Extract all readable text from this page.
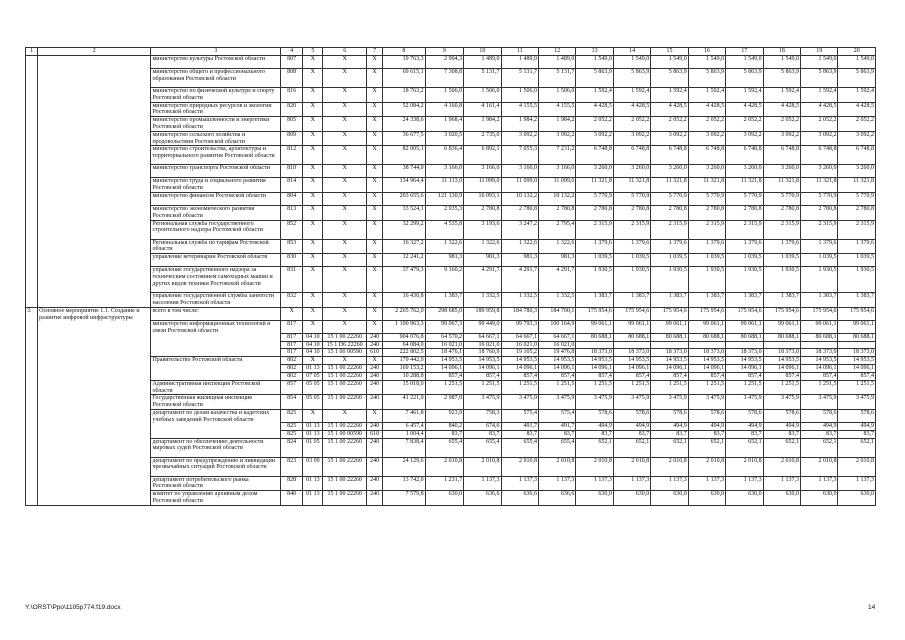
1	2	3	4	5	6	7	8	9	10	11	12	13	14	15	16	17	18	19	20
		министерство культуры Ростовской области	807	X	X	X	19 763,3	2 904,3	1 489,0	1 489,0	1 489,0	1 549,0	1 549,0	1 549,0	1 549,0	1 549,0	1 549,0	1 549,0	1 549,0
		министерство общего и профессионального образования Ростовской области	808	X	X	X	69 615,1	7 308,8	5 131,7	5 131,7	5 131,7	5 863,9	5 863,9	5 863,9	5 863,9	5 863,9	5 863,9	5 863,9	5 863,9
		министерство по физической культуре и спорту Ростовской области	816	X	X	X	18 763,2	1 506,0	1 506,0	1 506,0	1 506,0	1 592,4	1 592,4	1 592,4	1 592,4	1 592,4	1 592,4	1 592,4	1 592,4
		министерство природных ресурсов и экологии Ростовской области	820	X	X	X	52 084,2	4 160,8	4 161,4	4 155,5	4 155,5	4 428,5	4 428,5	4 428,5	4 428,5	4 428,5	4 428,5	4 428,5	4 428,5
		министерство промышленности и энергетики Ростовской области	805	X	X	X	24 338,6	1 968,4	1 984,2	1 984,2	1 984,2	2 052,2	2 052,2	2 052,2	2 052,2	2 052,2	2 052,2	2 052,2	2 052,2
		министерство сельского хозяйства и продовольствия Ростовской области	809	X	X	X	36 677,5	3 020,5	2 735,0	3 092,2	3 092,2	3 092,2	3 092,2	3 092,2	3 092,2	3 092,2	3 092,2	3 092,2	3 092,2
		министерство строительства, архитектуры и территориального развития Ростовской области	812	X	X	X	82 005,1	6 836,4	6 892,1	7 055,3	7 231,2	6 748,8	6 748,8	6 748,8	6 748,8	6 748,8	6 748,8	6 748,8	6 748,8
		министерство транспорта Ростовской области	810	X	X	X	38 744,0	3 166,0	3 166,0	3 166,0	3 166,0	3 260,0	3 260,0	3 260,0	3 260,0	3 260,0	3 260,0	3 260,0	3 260,0
		министерство труда и социального развития Ростовской области	814	X	X	X	134 964,4	11 113,0	11 099,0	11 099,0	11 099,0	11 321,8	11 321,8	11 321,8	11 321,8	11 321,8	11 321,8	11 321,8	11 321,8
		министерство финансов Ростовской области	804	X	X	X	203 655,6	121 130,9	16 093,1	10 132,2	10 132,2	5 770,9	5 770,9	5 770,9	5 770,9	5 770,9	5 770,9	5 770,9	5 770,9
		министерство экономического развития Ростовской области	813	X	X	X	33 524,1	2 935,3	2 780,8	2 780,8	2 780,8	2 780,8	2 780,8	2 780,8	2 780,8	2 780,8	2 780,8	2 780,8	2 780,8
		Региональная служба государственного строительного надзора Ростовской области	852	X	X	X	32 299,2	4 535,8	3 193,6	3 247,2	2 795,4	2 315,9	2 315,9	2 315,9	2 315,9	2 315,9	2 315,9	2 315,9	2 315,9
		Региональная служба по тарифам Ростовской области	853	X	X	X	16 327,2	1 322,6	1 322,6	1 322,6	1 322,6	1 379,6	1 379,6	1 379,6	1 379,6	1 379,6	1 379,6	1 379,6	1 379,6
		управление ветеринарии Ростовской области	830	X	X	X	12 241,2	981,3	981,3	981,3	981,3	1 039,5	1 039,5	1 039,5	1 039,5	1 039,5	1 039,5	1 039,5	1 039,5
		управление государственного надзора за техническим состоянием самоходных машин и других видов техники Ростовской области	831	X	X	X	37 479,3	9 160,2	4 291,7	4 291,7	4 291,7	1 930,5	1 930,5	1 930,5	1 930,5	1 930,5	1 930,5	1 930,5	1 930,5
		управление государственной службы занятости населения Ростовской области	832	X	X	X	16 430,8	1 383,7	1 332,5	1 332,5	1 332,5	1 383,7	1 383,7	1 383,7	1 383,7	1 383,7	1 383,7	1 383,7	1 383,7
3.	Основное мероприятие 1.1. Создание и развитие инфровой инфраструктуры	всего в том числе:	X	X	X	X	2 265 762,0	298 685,0	189 959,8	184 780,3	184 700,1	175 954,6	175 954,6	175 954,6	175 954,6	175 954,6	175 954,6	175 954,6	175 954,6
		министерство информационных технологий и связи Ростовской области	817	X	X	X	1 190 963,3	99 067,3	99 449,0	99 793,3	100 164,9	99 061,1	99 061,1	99 061,1	99 061,1	99 061,1	99 061,1	99 061,1	99 061,1
			817	04 10	15 1 00 22260	240	904 076,8	64 570,2	64 667,1	64 667,1	64 667,1	80 688,1	80 688,1	80 688,1	80 688,1	80 688,1	80 688,1	80 688,1	80 688,1
			817	04 10	15 1 D6 22260	240	64 084,0	16 021,0	16 021,0	16 021,0	16 021,0								
			817	04 10	15 1 00 00590	610	222 802,5	18 476,1	18 760,9	19 105,2	19 476,8	18 373,0	18 373,0	18 373,0	18 373,0	18 373,0	18 373,0	18 373,0	18 373,0
		Правительство Ростовской области	802	X	X	X	179 442,0	14 953,5	14 953,5	14 953,5	14 953,5	14 953,5	14 953,5	14 953,5	14 953,5	14 953,5	14 953,5	14 953,5	14 953,5
			802	01 13	15 1 00 22260	240	169 153,2	14 096,1	14 096,1	14 096,1	14 096,1	14 096,1	14 096,1	14 096,1	14 096,1	14 096,1	14 096,1	14 096,1	14 096,1
			802	07 05	15 1 00 22260	240	10 288,8	857,4	857,4	857,4	857,4	857,4	857,4	857,4	857,4	857,4	857,4	857,4	857,4
		Административная инспекция Ростовской области	857	05 05	15 1 00 22260	240	15 018,0	1 251,5	1 251,5	1 251,5	1 251,5	1 251,5	1 251,5	1 251,5	1 251,5	1 251,5	1 251,5	1 251,5	1 251,5
		Государственная жилищная инспекция Ростовской области	854	05 05	15 1 00 22260	240	41 221,9	2 987,0	3 475,9	3 475,9	3 475,9	3 475,9	3 475,9	3 475,9	3 475,9	3 475,9	3 475,9	3 475,9	3 475,9
		департамент по делам казачества и кадетских учебных заведений Ростовской области	825	X	X	X	7 461,8	923,9	758,3	575,4	575,4	578,6	578,6	578,6	578,6	578,6	578,6	578,6	578,6
			825	01 13	15 1 00 22260	240	6 457,4	840,2	674,6	491,7	491,7	494,9	494,9	494,9	494,9	494,9	494,9	494,9	494,9
			825	01 13	15 1 00 00590	610	1 004,4	83,7	83,7	83,7	83,7	83,7	83,7	83,7	83,7	83,7	83,7	83,7	83,7
		департамент по обеспечению деятельности мировых судей Ростовской области	824	01 05	15 1 00 22260	240	7 838,4	655,4	655,4	655,4	655,4	652,1	652,1	652,1	652,1	652,1	652,1	652,1	652,1
		департамент по предупреждению и ликвидации чрезвычайных ситуаций Ростовской области	823	03 09	15 1 00 22260	240	24 129,6	2 010,8	2 010,8	2 010,8	2 010,8	2 010,8	2 010,8	2 010,8	2 010,8	2 010,8	2 010,8	2 010,8	2 010,8
		департамент потребительского рынка Ростовской области	828	01 13	15 1 00 22260	240	13 742,0	1 231,7	1 137,3	1 137,3	1 137,3	1 137,3	1 137,3	1 137,3	1 137,3	1 137,3	1 137,3	1 137,3	1 137,3
		комитет по управлению архивным делом Ростовской области	840	01 13	15 1 00 22260	240	7 579,8	630,0	636,6	636,6	636,6	630,0	630,0	630,0	630,0	630,0	630,0	630,0	630,0
Y:\ORST\Ppo\1105p774.f19.docx	14
